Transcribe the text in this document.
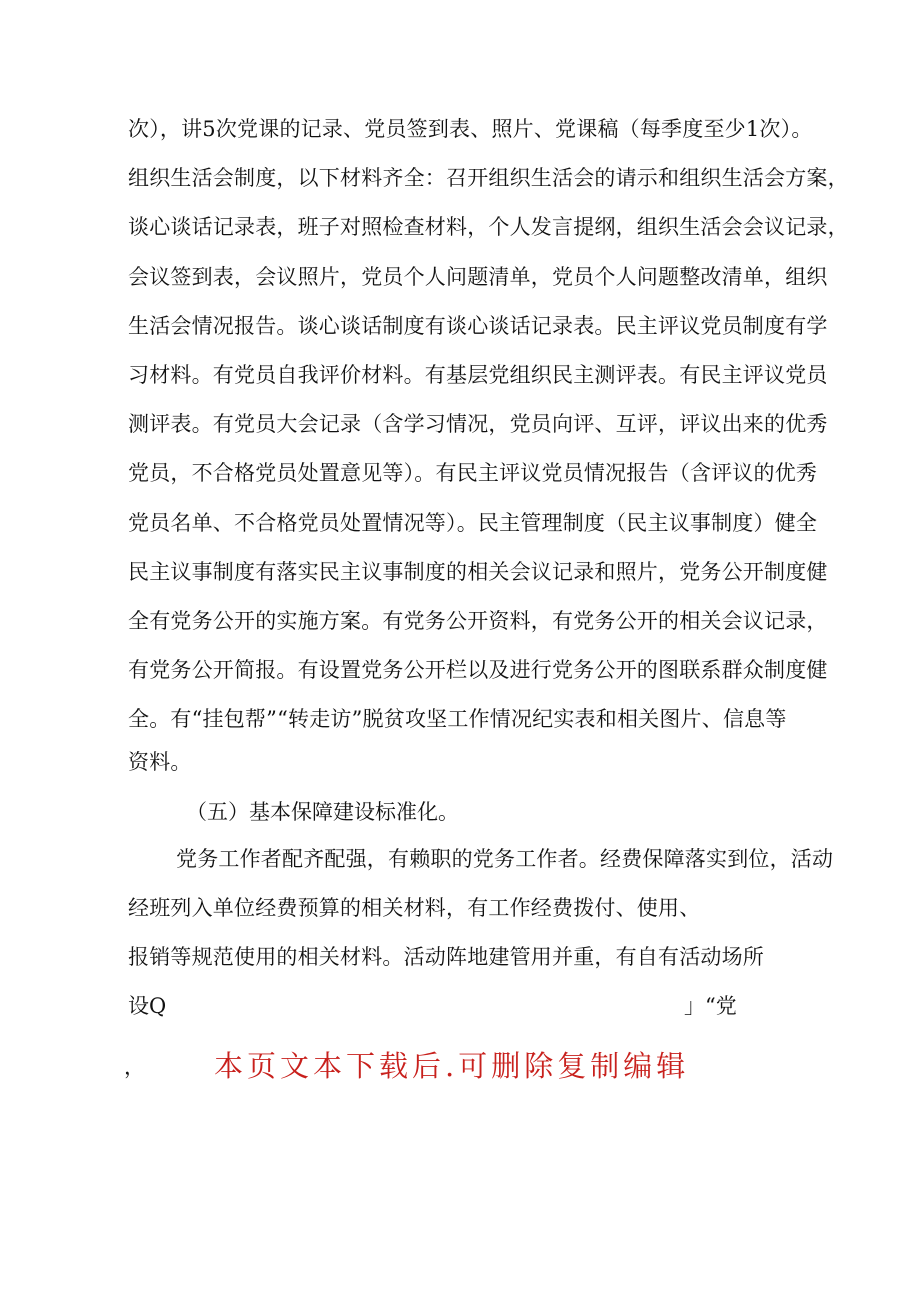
次），讲5次党课的记录、党员签到表、照片、党课稿（每季度至少1次）。
组织生活会制度，以下材料齐全：召开组织生活会的请示和组织生活会方案，
谈心谈话记录表，班子对照检查材料，个人发言提纲，组织生活会会议记录，
会议签到表，会议照片，党员个人问题清单，党员个人问题整改清单，组织
生活会情况报告。谈心谈话制度有谈心谈话记录表。民主评议党员制度有学
习材料。有党员自我评价材料。有基层党组织民主测评表。有民主评议党员
测评表。有党员大会记录（含学习情况，党员向评、互评，评议出来的优秀
党员，不合格党员处置意见等）。有民主评议党员情况报告（含评议的优秀
党员名单、不合格党员处置情况等）。民主管理制度（民主议事制度）健全
民主议事制度有落实民主议事制度的相关会议记录和照片，党务公开制度健
全有党务公开的实施方案。有党务公开资料，有党务公开的相关会议记录，
有党务公开简报。有设置党务公开栏以及进行党务公开的图联系群众制度健
全。有“挂包帮”“转走访”脱贫攻坚工作情况纪实表和相关图片、信息等
资料。
（五）基本保障建设标准化。
党务工作者配齐配强，有赖职的党务工作者。经费保障落实到位，活动
经班列入单位经费预算的相关材料，有工作经费拨付、使用、
报销等规范使用的相关材料。活动阵地建管用并重，有自有活动场所
设Q	」“党
， 本页文本下载后.可删除复制编辑
